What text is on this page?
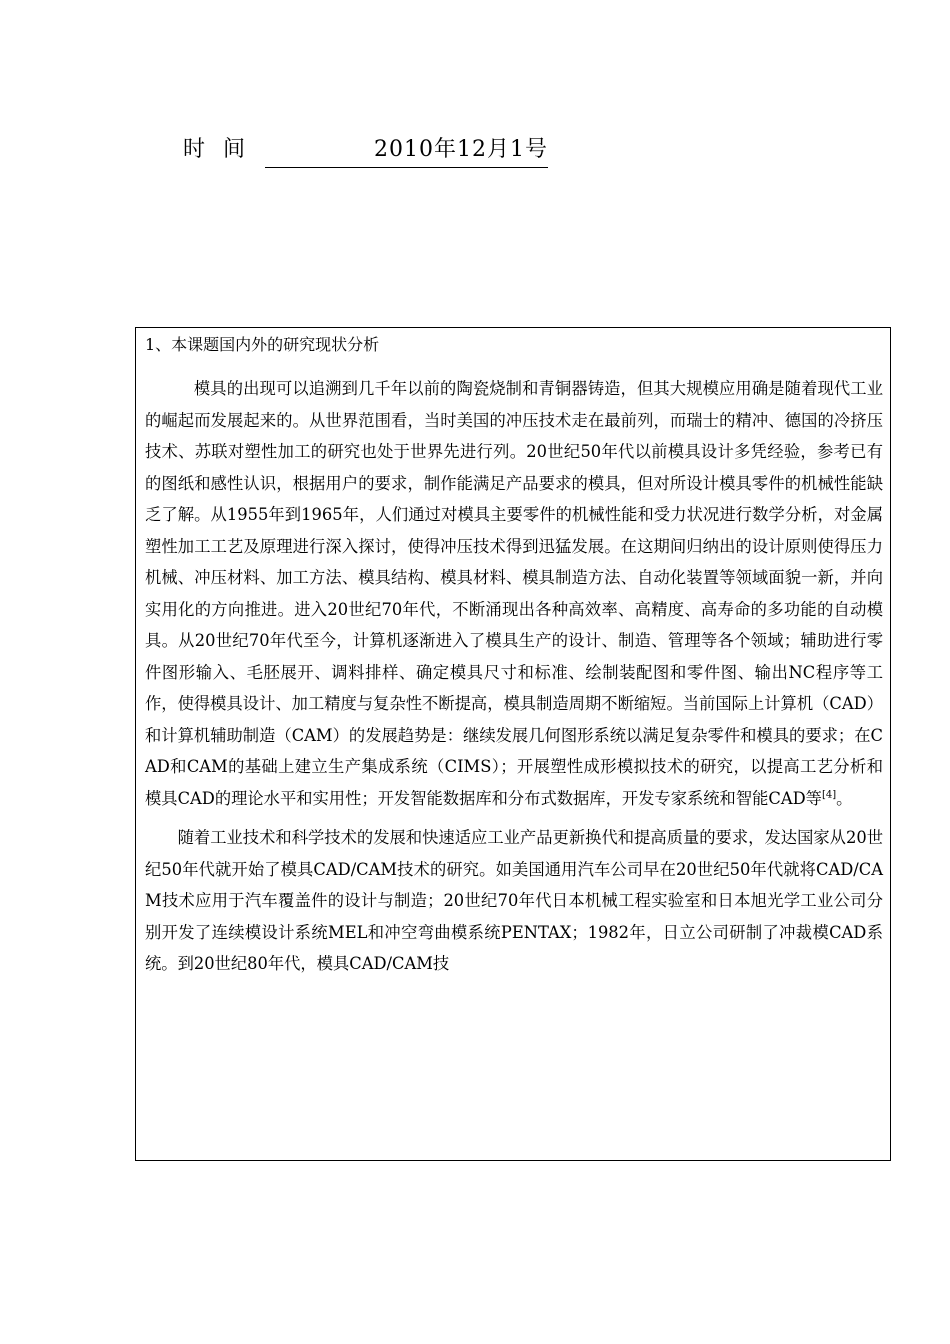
时间	2010年12月1号
1、本课题国内外的研究现状分析

模具的出现可以追溯到几千年以前的陶瓷烧制和青铜器铸造，但其大规模应用确是随着现代工业的崛起而发展起来的。从世界范围看，当时美国的冲压技术走在最前列，而瑞士的精冲、德国的冷挤压技术、苏联对塑性加工的研究也处于世界先进行列。20世纪50年代以前模具设计多凭经验，参考已有的图纸和感性认识，根据用户的要求，制作能满足产品要求的模具，但对所设计模具零件的机械性能缺乏了解。从1955年到1965年，人们通过对模具主要零件的机械性能和受力状况进行数学分析，对金属塑性加工工艺及原理进行深入探讨，使得冲压技术得到迅猛发展。在这期间归纳出的设计原则使得压力机械、冲压材料、加工方法、模具结构、模具材料、模具制造方法、自动化装置等领域面貌一新，并向实用化的方向推进。进入20世纪70年代，不断涌现出各种高效率、高精度、高寿命的多功能的自动模具。从20世纪70年代至今，计算机逐渐进入了模具生产的设计、制造、管理等各个领域；辅助进行零件图形输入、毛胚展开、调料排样、确定模具尺寸和标准、绘制装配图和零件图、输出NC程序等工作，使得模具设计、加工精度与复杂性不断提高，模具制造周期不断缩短。当前国际上计算机（CAD）和计算机辅助制造（CAM）的发展趋势是：继续发展几何图形系统以满足复杂零件和模具的要求；在CAD和CAM的基础上建立生产集成系统（CIMS）；开展塑性成形模拟技术的研究，以提高工艺分析和模具CAD的理论水平和实用性；开发智能数据库和分布式数据库，开发专家系统和智能CAD等[4]。

随着工业技术和科学技术的发展和快速适应工业产品更新换代和提高质量的要求，发达国家从20世纪50年代就开始了模具CAD/CAM技术的研究。如美国通用汽车公司早在20世纪50年代就将CAD/CAM技术应用于汽车覆盖件的设计与制造；20世纪70年代日本机械工程实验室和日本旭光学工业公司分别开发了连续模设计系统MEL和冲空弯曲模系统PENTAX；1982年，日立公司研制了冲裁模CAD系统。到20世纪80年代，模具CAD/CAM技
